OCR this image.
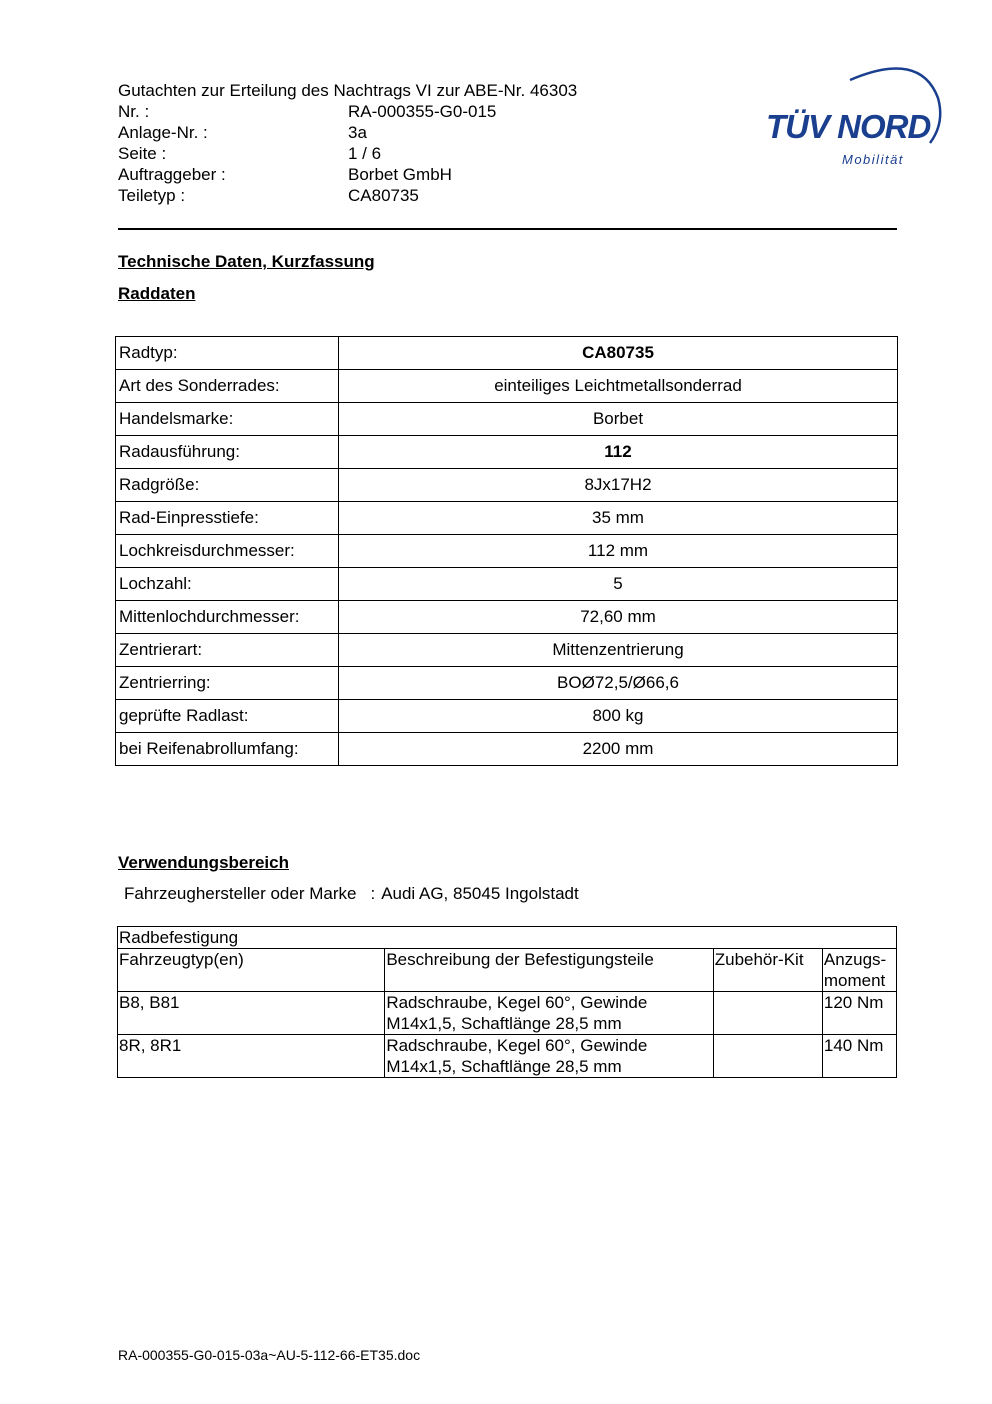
Gutachten zur Erteilung des Nachtrags VI zur ABE-Nr. 46303
Nr. :	RA-000355-G0-015
Anlage-Nr. :	3a
Seite :	1 / 6
Auftraggeber :	Borbet GmbH
Teiletyp :	CA80735
TÜV NORD
Mobilität
Technische Daten, Kurzfassung
Raddaten
Radtyp:	CA80735
Art des Sonderrades:	einteiliges Leichtmetallsonderrad
Handelsmarke:	Borbet
Radausführung:	112
Radgröße:	8Jx17H2
Rad-Einpresstiefe:	35 mm
Lochkreisdurchmesser:	112 mm
Lochzahl:	5
Mittenlochdurchmesser:	72,60 mm
Zentrierart:	Mittenzentrierung
Zentrierring:	BOØ72,5/Ø66,6
geprüfte Radlast:	800 kg
bei Reifenabrollumfang:	2200 mm
Verwendungsbereich
Fahrzeughersteller oder Marke : Audi AG, 85045 Ingolstadt
Radbefestigung			
Fahrzeugtyp(en)	Beschreibung der Befestigungsteile	Zubehör-Kit	Anzugs-
moment
B8, B81	Radschraube, Kegel 60°, Gewinde M14x1,5, Schaftlänge 28,5 mm		120 Nm
8R, 8R1	Radschraube, Kegel 60°, Gewinde M14x1,5, Schaftlänge 28,5 mm		140 Nm
RA-000355-G0-015-03a~AU-5-112-66-ET35.doc
